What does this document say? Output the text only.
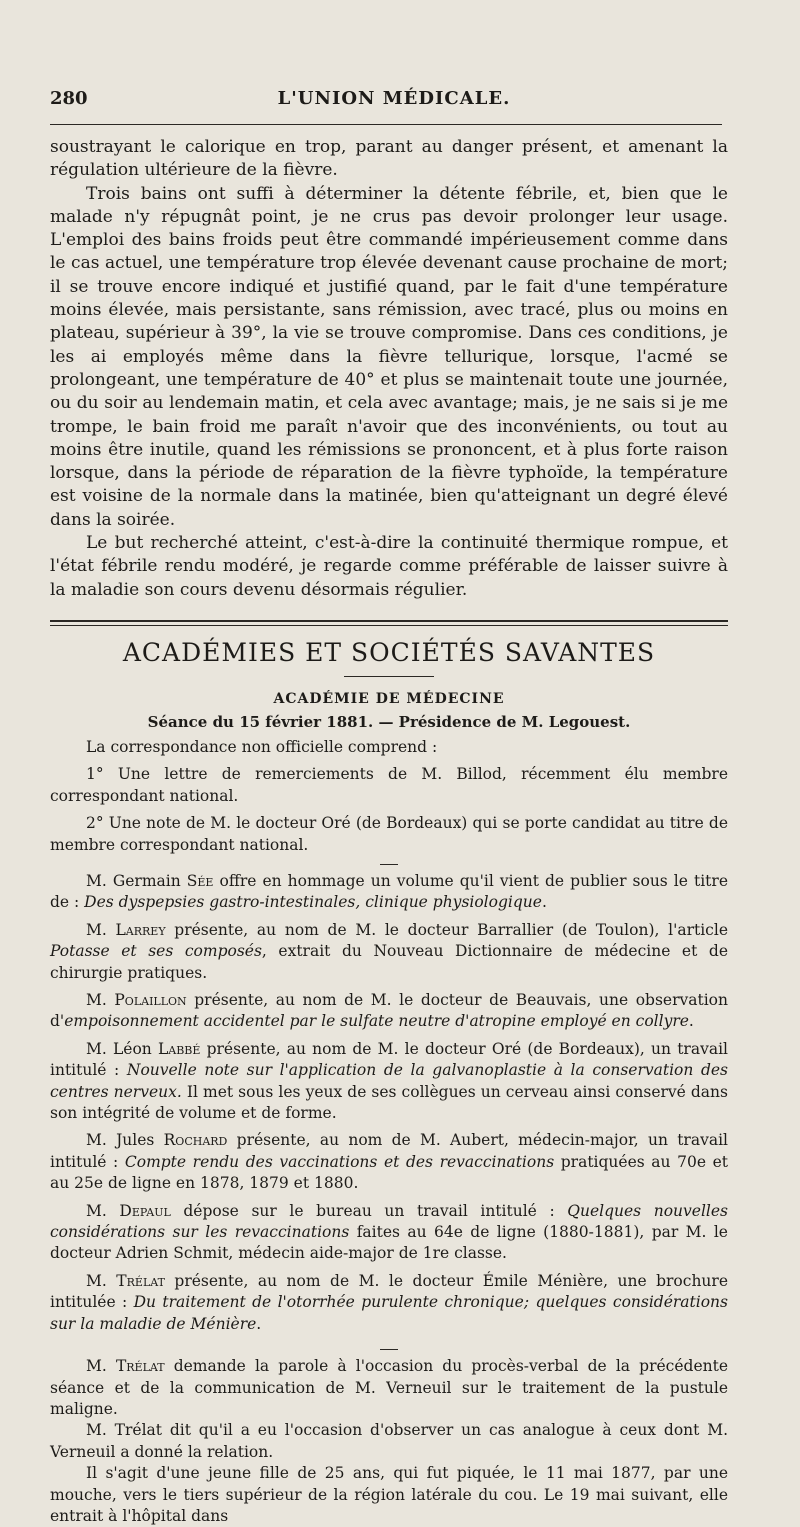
280	L'UNION MÉDICALE.

soustrayant le calorique en trop, parant au danger présent, et amenant la régulation ultérieure de la fièvre.

Trois bains ont suffi à déterminer la détente fébrile, et, bien que le malade n'y répugnât point, je ne crus pas devoir prolonger leur usage. L'emploi des bains froids peut être commandé impérieusement comme dans le cas actuel, une température trop élevée devenant cause prochaine de mort; il se trouve encore indiqué et justifié quand, par le fait d'une température moins élevée, mais persistante, sans rémission, avec tracé, plus ou moins en plateau, supérieur à 39°, la vie se trouve compromise. Dans ces conditions, je les ai employés même dans la fièvre tellurique, lorsque, l'acmé se prolongeant, une température de 40° et plus se maintenait toute une journée, ou du soir au lendemain matin, et cela avec avantage; mais, je ne sais si je me trompe, le bain froid me paraît n'avoir que des inconvénients, ou tout au moins être inutile, quand les rémissions se prononcent, et à plus forte raison lorsque, dans la période de réparation de la fièvre typhoïde, la température est voisine de la normale dans la matinée, bien qu'atteignant un degré élevé dans la soirée.

Le but recherché atteint, c'est-à-dire la continuité thermique rompue, et l'état fébrile rendu modéré, je regarde comme préférable de laisser suivre à la maladie son cours devenu désormais régulier.

ACADÉMIES ET SOCIÉTÉS SAVANTES
ACADÉMIE DE MÉDECINE
Séance du 15 février 1881. — Présidence de M. Legouest.

La correspondance non officielle comprend :

1° Une lettre de remerciements de M. Billod, récemment élu membre correspondant national.

2° Une note de M. le docteur Oré (de Bordeaux) qui se porte candidat au titre de membre correspondant national.

M. Germain Sée offre en hommage un volume qu'il vient de publier sous le titre de : Des dyspepsies gastro-intestinales, clinique physiologique.

M. Larrey présente, au nom de M. le docteur Barrallier (de Toulon), l'article Potasse et ses composés, extrait du Nouveau Dictionnaire de médecine et de chirurgie pratiques.

M. Polaillon présente, au nom de M. le docteur de Beauvais, une observation d'empoisonnement accidentel par le sulfate neutre d'atropine employé en collyre.

M. Léon Labbé présente, au nom de M. le docteur Oré (de Bordeaux), un travail intitulé : Nouvelle note sur l'application de la galvanoplastie à la conservation des centres nerveux. Il met sous les yeux de ses collègues un cerveau ainsi conservé dans son intégrité de volume et de forme.

M. Jules Rochard présente, au nom de M. Aubert, médecin-major, un travail intitulé : Compte rendu des vaccinations et des revaccinations pratiquées au 70e et au 25e de ligne en 1878, 1879 et 1880.

M. Depaul dépose sur le bureau un travail intitulé : Quelques nouvelles considérations sur les revaccinations faites au 64e de ligne (1880-1881), par M. le docteur Adrien Schmit, médecin aide-major de 1re classe.

M. Trélat présente, au nom de M. le docteur Émile Ménière, une brochure intitulée : Du traitement de l'otorrhée purulente chronique; quelques considérations sur la maladie de Ménière.

M. Trélat demande la parole à l'occasion du procès-verbal de la précédente séance et de la communication de M. Verneuil sur le traitement de la pustule maligne.

M. Trélat dit qu'il a eu l'occasion d'observer un cas analogue à ceux dont M. Verneuil a donné la relation.

Il s'agit d'une jeune fille de 25 ans, qui fut piquée, le 11 mai 1877, par une mouche, vers le tiers supérieur de la région latérale du cou. Le 19 mai suivant, elle entrait à l'hôpital dans
